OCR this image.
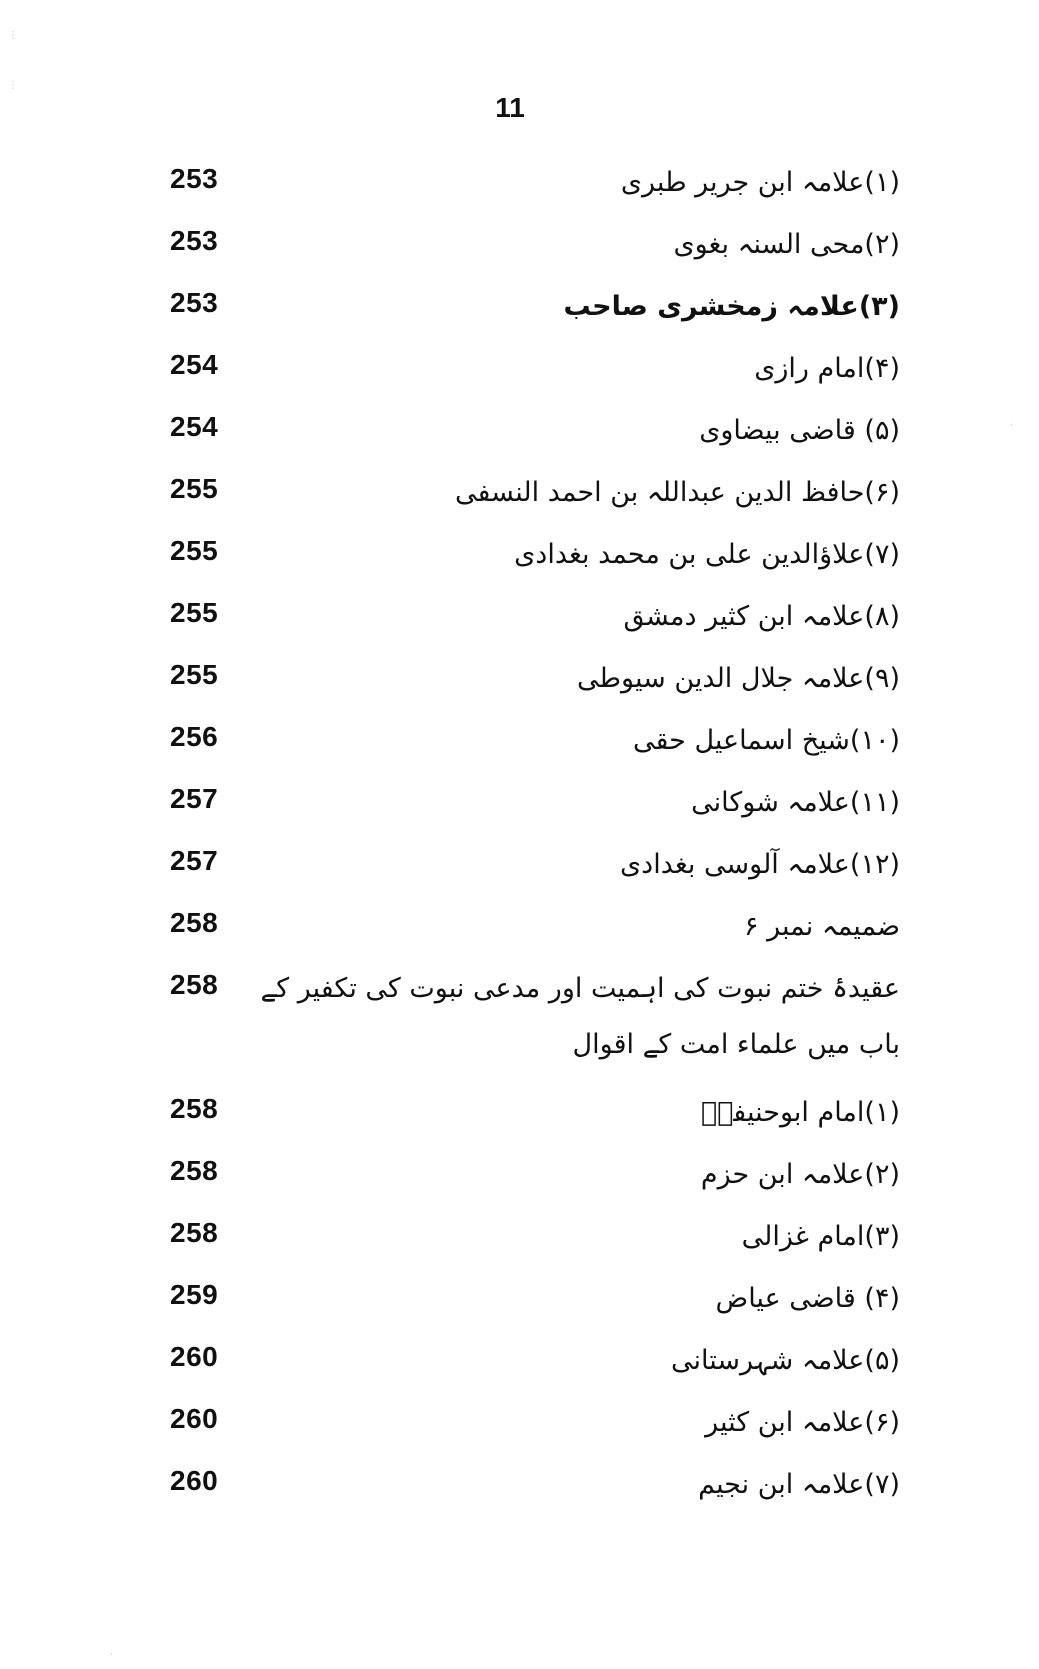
11
253	(۱)علامہ ابن جریر طبری
253	(۲)محی السنہ بغوی
253	(۳)علامہ زمخشری صاحب
254	(۴)امام رازی
254	(۵) قاضی بیضاوی
255	(۶)حافظ الدین عبداللہ بن احمد النسفی
255	(۷)علاؤالدین علی بن محمد بغدادی
255	(۸)علامہ ابن کثیر دمشق
255	(۹)علامہ جلال الدین سیوطی
256	(۱۰)شیخ اسماعیل حقی
257	(۱۱)علامہ شوکانی
257	(۱۲)علامہ آلوسی بغدادی
258	ضمیمہ نمبر ۶
258	عقیدۂ ختم نبوت کی اہمیت اور مدعی نبوت کی تکفیر کے باب میں علماء امت کے اقوال
258	(۱)امام ابوحنیفہؒ
258	(۲)علامہ ابن حزم
258	(۳)امام غزالی
259	(۴) قاضی عیاض
260	(۵)علامہ شہرستانی
260	(۶)علامہ ابن کثیر
260	(۷)علامہ ابن نجیم
⋮
⋮
·
·
